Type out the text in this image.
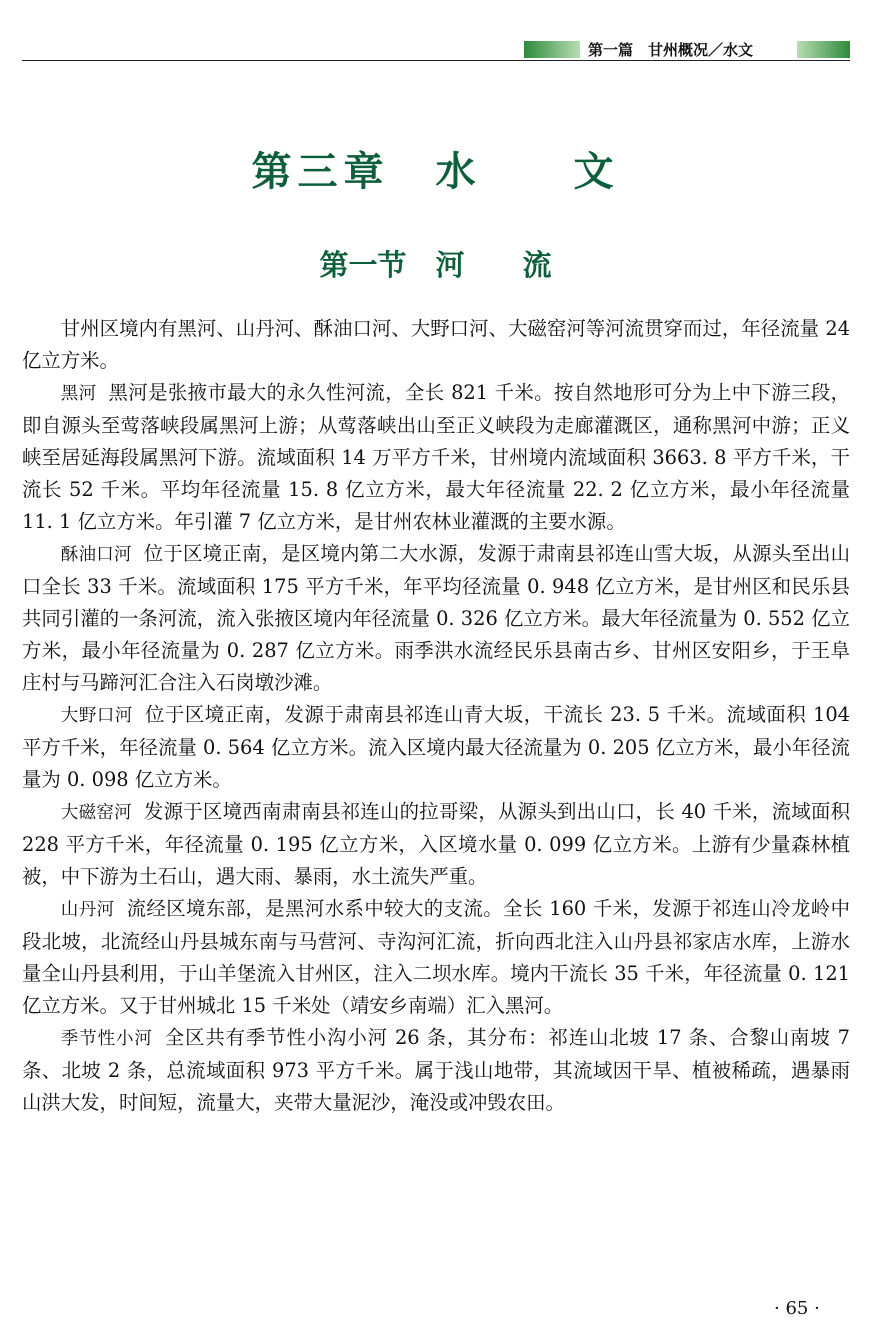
第一篇　甘州概况／水文
第三章　水　　文
第一节　河　　流

甘州区境内有黑河、山丹河、酥油口河、大野口河、大磁窑河等河流贯穿而过，年径流量 24 亿立方米。

黑河 黑河是张掖市最大的永久性河流，全长 821 千米。按自然地形可分为上中下游三段，即自源头至莺落峡段属黑河上游；从莺落峡出山至正义峡段为走廊灌溉区，通称黑河中游；正义峡至居延海段属黑河下游。流域面积 14 万平方千米，甘州境内流域面积 3663. 8 平方千米，干流长 52 千米。平均年径流量 15. 8 亿立方米，最大年径流量 22. 2 亿立方米，最小年径流量 11. 1 亿立方米。年引灌 7 亿立方米，是甘州农林业灌溉的主要水源。

酥油口河 位于区境正南，是区境内第二大水源，发源于肃南县祁连山雪大坂，从源头至出山口全长 33 千米。流域面积 175 平方千米，年平均径流量 0. 948 亿立方米，是甘州区和民乐县共同引灌的一条河流，流入张掖区境内年径流量 0. 326 亿立方米。最大年径流量为 0. 552 亿立方米，最小年径流量为 0. 287 亿立方米。雨季洪水流经民乐县南古乡、甘州区安阳乡，于王阜庄村与马蹄河汇合注入石岗墩沙滩。

大野口河 位于区境正南，发源于肃南县祁连山青大坂，干流长 23. 5 千米。流域面积 104 平方千米，年径流量 0. 564 亿立方米。流入区境内最大径流量为 0. 205 亿立方米，最小年径流量为 0. 098 亿立方米。

大磁窑河 发源于区境西南肃南县祁连山的拉哥梁，从源头到出山口，长 40 千米，流域面积 228 平方千米，年径流量 0. 195 亿立方米，入区境水量 0. 099 亿立方米。上游有少量森林植被，中下游为土石山，遇大雨、暴雨，水土流失严重。

山丹河 流经区境东部，是黑河水系中较大的支流。全长 160 千米，发源于祁连山冷龙岭中段北坡，北流经山丹县城东南与马营河、寺沟河汇流，折向西北注入山丹县祁家店水库，上游水量全山丹县利用，于山羊堡流入甘州区，注入二坝水库。境内干流长 35 千米，年径流量 0. 121 亿立方米。又于甘州城北 15 千米处（靖安乡南端）汇入黑河。

季节性小河 全区共有季节性小沟小河 26 条，其分布：祁连山北坡 17 条、合黎山南坡 7 条、北坡 2 条，总流域面积 973 平方千米。属于浅山地带，其流域因干旱、植被稀疏，遇暴雨山洪大发，时间短，流量大，夹带大量泥沙，淹没或冲毁农田。

· 65 ·
